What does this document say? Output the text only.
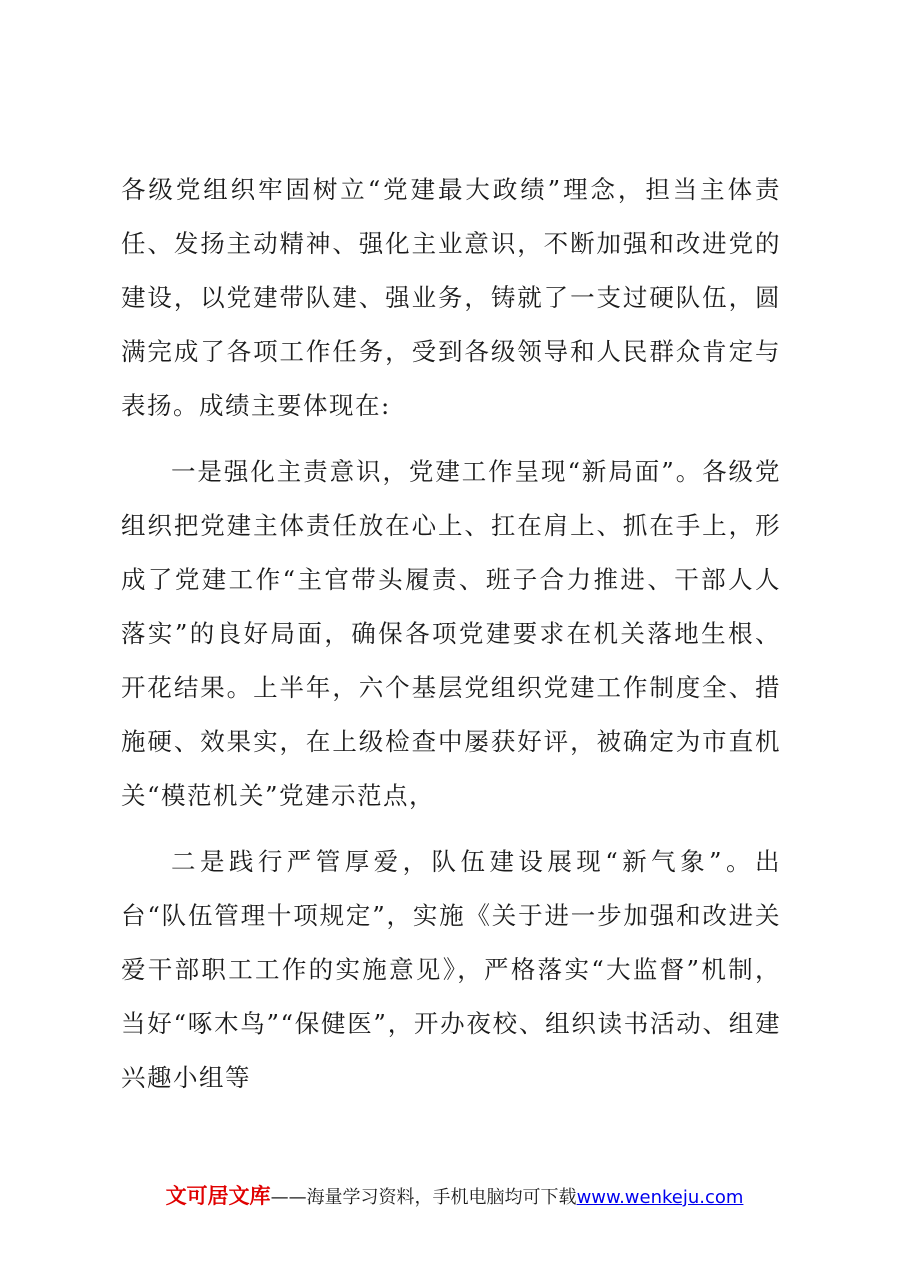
各级党组织牢固树立“党建最大政绩”理念，担当主体责任、发扬主动精神、强化主业意识，不断加强和改进党的建设，以党建带队建、强业务，铸就了一支过硬队伍，圆满完成了各项工作任务，受到各级领导和人民群众肯定与表扬。成绩主要体现在:

一是强化主责意识，党建工作呈现“新局面”。各级党组织把党建主体责任放在心上、扛在肩上、抓在手上，形成了党建工作“主官带头履责、班子合力推进、干部人人落实”的良好局面，确保各项党建要求在机关落地生根、开花结果。上半年，六个基层党组织党建工作制度全、措施硬、效果实，在上级检查中屡获好评，被确定为市直机关“模范机关”党建示范点，

二是践行严管厚爱，队伍建设展现“新气象”。出台“队伍管理十项规定”，实施《关于进一步加强和改进关爱干部职工工作的实施意见》，严格落实“大监督”机制，当好“啄木鸟”“保健医”，开办夜校、组织读书活动、组建兴趣小组等

文可居文库——海量学习资料，手机电脑均可下载www.wenkeju.com
